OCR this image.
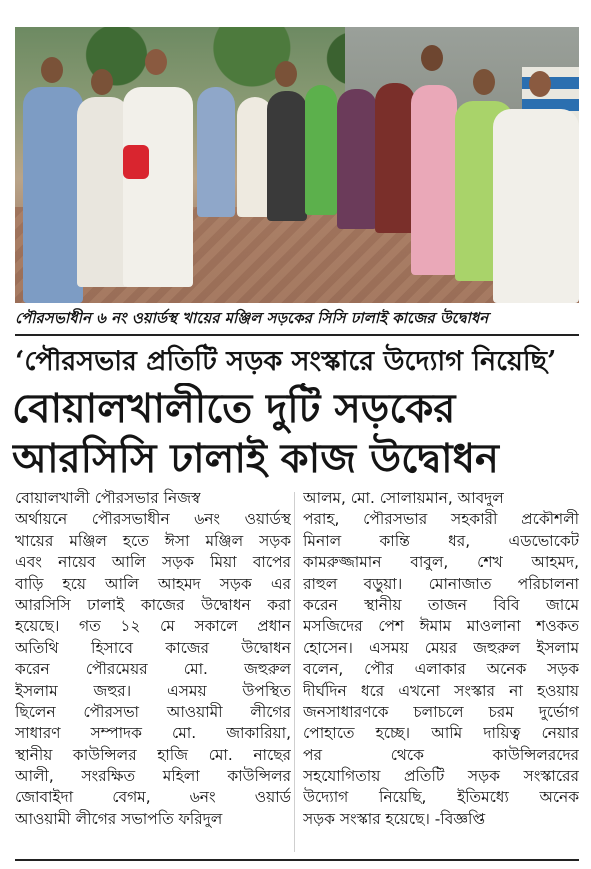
পৌরসভাধীন ৬ নং ওয়ার্ডস্থ খায়ের মঞ্জিল সড়কের সিসি ঢালাই কাজের উদ্বোধন
‘পৌরসভার প্রতিটি সড়ক সংস্কারে উদ্যোগ নিয়েছি’
বোয়ালখালীতে দুটি সড়কের
আরসিসি ঢালাই কাজ উদ্বোধন
বোয়ালখালী পৌরসভার নিজস্ব
অর্থায়নে পৌরসভাধীন ৬নং ওয়ার্ডস্থ
খায়ের মঞ্জিল হতে ঈসা মঞ্জিল সড়ক
এবং নায়েব আলি সড়ক মিয়া বাপের
বাড়ি হয়ে আলি আহমদ সড়ক এর
আরসিসি ঢালাই কাজের উদ্বোধন করা
হয়েছে। গত ১২ মে সকালে প্রধান
অতিথি হিসাবে কাজের উদ্বোধন
করেন পৌরমেয়র মো. জহুরুল
ইসলাম জহুর। এসময় উপস্থিত
ছিলেন পৌরসভা আওয়ামী লীগের
সাধারণ সম্পাদক মো. জাকারিয়া,
স্থানীয় কাউন্সিলর হাজি মো. নাছের
আলী, সংরক্ষিত মহিলা কাউন্সিলর
জোবাইদা বেগম, ৬নং ওয়ার্ড
আওয়ামী লীগের সভাপতি ফরিদুল
আলম, মো. সোলায়মান, আবদুল
পরাহ, পৌরসভার সহকারী প্রকৌশলী
মিনাল কান্তি ধর, এডভোকেট
কামরুজ্জামান বাবুল, শেখ আহমদ,
রাহুল বড়ুয়া। মোনাজাত পরিচালনা
করেন স্থানীয় তাজন বিবি জামে
মসজিদের পেশ ঈমাম মাওলানা শওকত
হোসেন। এসময় মেয়র জহুরুল ইসলাম
বলেন, পৌর এলাকার অনেক সড়ক
দীর্ঘদিন ধরে এখনো সংস্কার না হওয়ায়
জনসাধারণকে চলাচলে চরম দুর্ভোগ
পোহাতে হচ্ছে। আমি দায়িত্ব নেয়ার
পর থেকে কাউন্সিলরদের
সহযোগিতায় প্রতিটি সড়ক সংস্কারের
উদ্যোগ নিয়েছি, ইতিমধ্যে অনেক
সড়ক সংস্কার হয়েছে। -বিজ্ঞপ্তি
